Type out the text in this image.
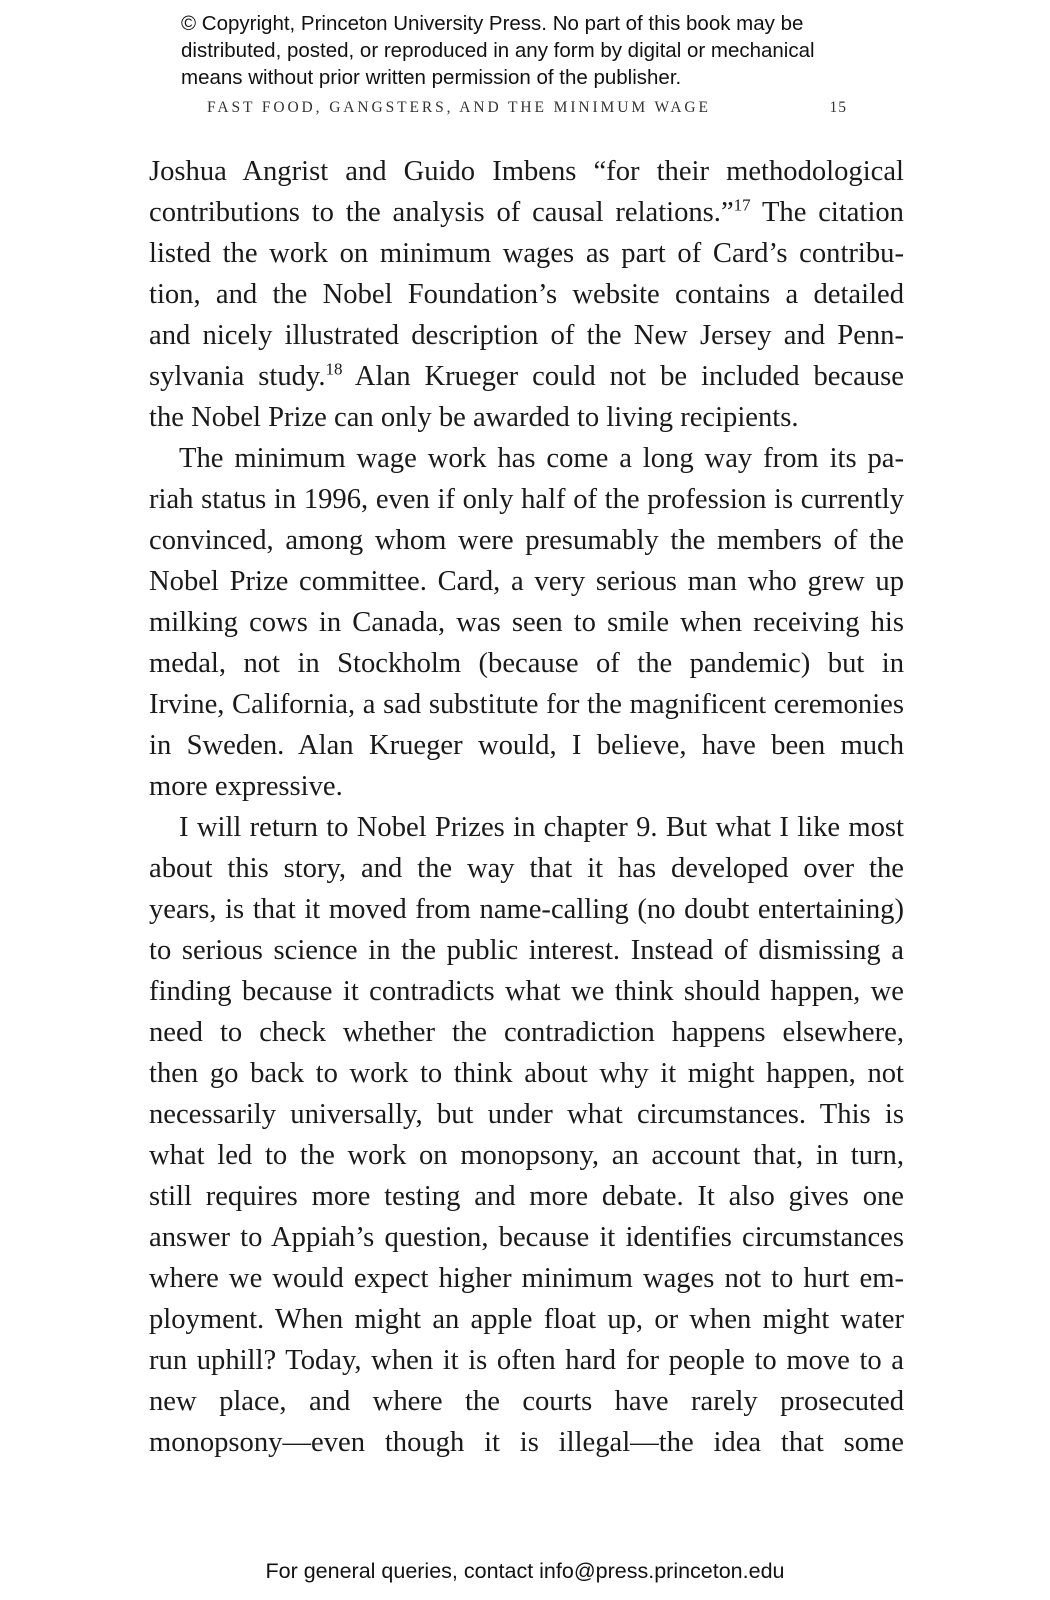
© Copyright, Princeton University Press. No part of this book may be
distributed, posted, or reproduced in any form by digital or mechanical
means without prior written permission of the publisher.
FAST FOOD, GANGSTERS, AND THE MINIMUM WAGE	15
Joshua Angrist and Guido Imbens “for their methodological
contributions to the analysis of causal relations.”$^{17}$ The citation
listed the work on minimum wages as part of Card’s contribu-
tion, and the Nobel Foundation’s website contains a detailed
and nicely illustrated description of the New Jersey and Penn-
sylvania study.$^{18}$ Alan Krueger could not be included because
the Nobel Prize can only be awarded to living recipients.
The minimum wage work has come a long way from its pa-
riah status in 1996, even if only half of the profession is currently
convinced, among whom were presumably the members of the
Nobel Prize committee. Card, a very serious man who grew up
milking cows in Canada, was seen to smile when receiving his
medal, not in Stockholm (because of the pandemic) but in
Irvine, California, a sad substitute for the magnificent ceremonies
in Sweden. Alan Krueger would, I believe, have been much
more expressive.
I will return to Nobel Prizes in chapter 9. But what I like most
about this story, and the way that it has developed over the
years, is that it moved from name-calling (no doubt entertaining)
to serious science in the public interest. Instead of dismissing a
finding because it contradicts what we think should happen, we
need to check whether the contradiction happens elsewhere,
then go back to work to think about why it might happen, not
necessarily universally, but under what circumstances. This is
what led to the work on monopsony, an account that, in turn,
still requires more testing and more debate. It also gives one
answer to Appiah’s question, because it identifies circumstances
where we would expect higher minimum wages not to hurt em-
ployment. When might an apple float up, or when might water
run uphill? Today, when it is often hard for people to move to a
new place, and where the courts have rarely prosecuted
monopsony—even though it is illegal—the idea that some
For general queries, contact info@press.princeton.edu
